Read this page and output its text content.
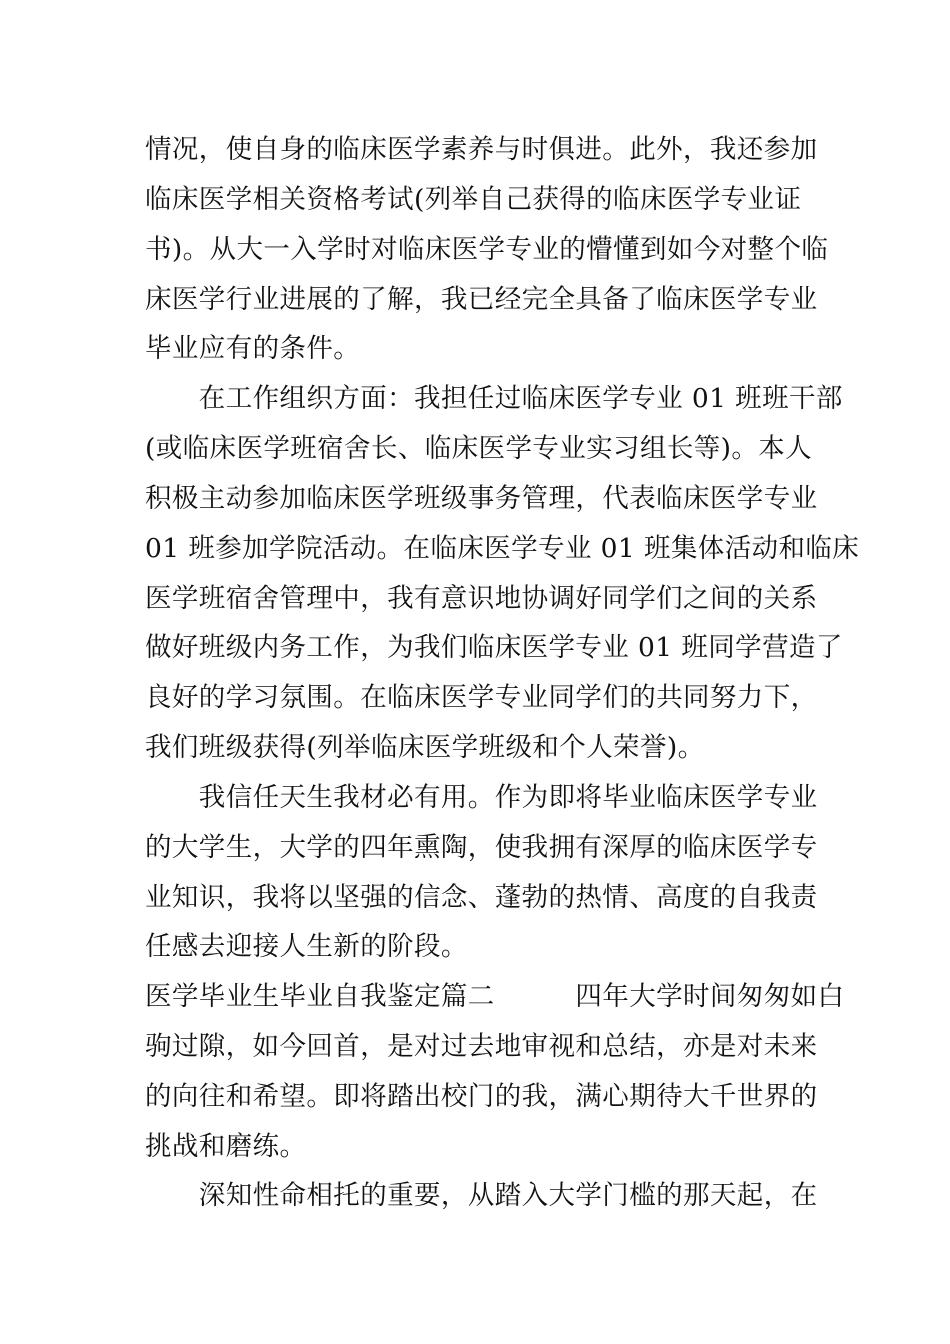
情况，使自身的临床医学素养与时俱进。此外，我还参加
临床医学相关资格考试(列举自己获得的临床医学专业证
书)。从大一入学时对临床医学专业的懵懂到如今对整个临
床医学行业进展的了解，我已经完全具备了临床医学专业
毕业应有的条件。
　　在工作组织方面：我担任过临床医学专业 01 班班干部
(或临床医学班宿舍长、临床医学专业实习组长等)。本人
积极主动参加临床医学班级事务管理，代表临床医学专业
01 班参加学院活动。在临床医学专业 01 班集体活动和临床
医学班宿舍管理中，我有意识地协调好同学们之间的关系
做好班级内务工作，为我们临床医学专业 01 班同学营造了
良好的学习氛围。在临床医学专业同学们的共同努力下，
我们班级获得(列举临床医学班级和个人荣誉)。
　　我信任天生我材必有用。作为即将毕业临床医学专业
的大学生，大学的四年熏陶，使我拥有深厚的临床医学专
业知识，我将以坚强的信念、蓬勃的热情、高度的自我责
任感去迎接人生新的阶段。
医学毕业生毕业自我鉴定篇二　　　四年大学时间匆匆如白
驹过隙，如今回首，是对过去地审视和总结，亦是对未来
的向往和希望。即将踏出校门的我，满心期待大千世界的
挑战和磨练。
　　深知性命相托的重要，从踏入大学门槛的那天起，在
